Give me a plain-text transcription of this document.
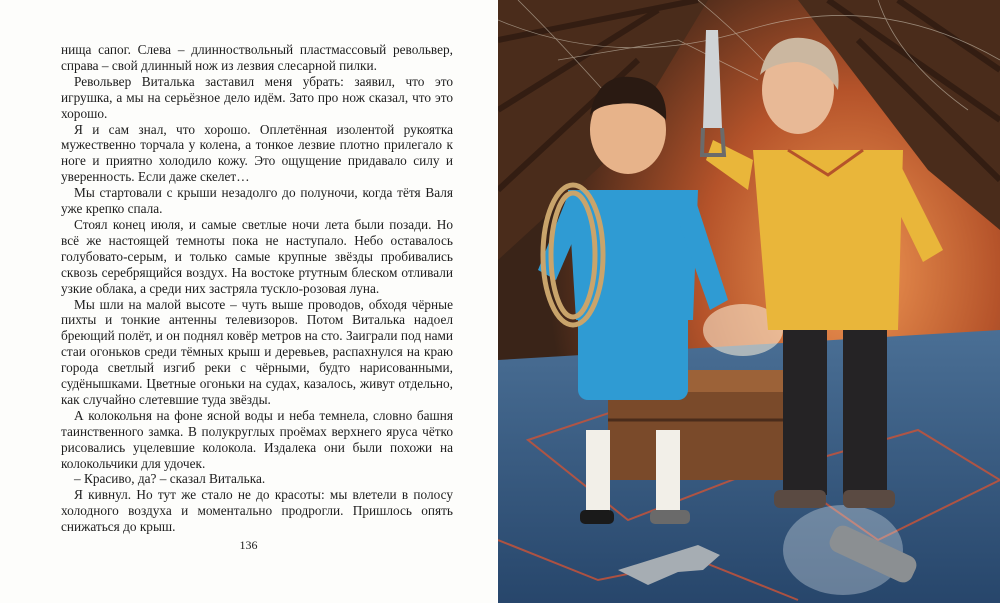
нища сапог. Слева – длинноствольный пластмассовый револьвер, справа – свой длинный нож из лезвия слесарной пилки.

Револьвер Виталька заставил меня убрать: заявил, что это игрушка, а мы на серьёзное дело идём. Зато про нож сказал, что это хорошо.

Я и сам знал, что хорошо. Оплетённая изолентой рукоятка мужественно торчала у колена, а тонкое лезвие плотно прилегало к ноге и приятно холодило кожу. Это ощущение придавало силу и уверенность. Если даже скелет…

Мы стартовали с крыши незадолго до полуночи, когда тётя Валя уже крепко спала.

Стоял конец июля, и самые светлые ночи лета были позади. Но всё же настоящей темноты пока не наступало. Небо оставалось голубовато-серым, и только самые крупные звёзды пробивались сквозь серебрящийся воздух. На востоке ртутным блеском отливали узкие облака, а среди них застряла тускло-розовая луна.

Мы шли на малой высоте – чуть выше проводов, обходя чёрные пихты и тонкие антенны телевизоров. Потом Виталька надоел бреющий полёт, и он поднял ковёр метров на сто. Заиграли под нами стаи огоньков среди тёмных крыш и деревьев, распахнулся на краю города светлый изгиб реки с чёрными, будто нарисованными, судёнышками. Цветные огоньки на судах, казалось, живут отдельно, как случайно слетевшие туда звёзды.

А колокольня на фоне ясной воды и неба темнела, словно башня таинственного замка. В полукруглых проёмах верхнего яруса чётко рисовались уцелевшие колокола. Издалека они были похожи на колокольчики для удочек.

– Красиво, да? – сказал Виталька.

Я кивнул. Но тут же стало не до красоты: мы влетели в полосу холодного воздуха и моментально продрогли. Пришлось опять снижаться до крыш.

136
